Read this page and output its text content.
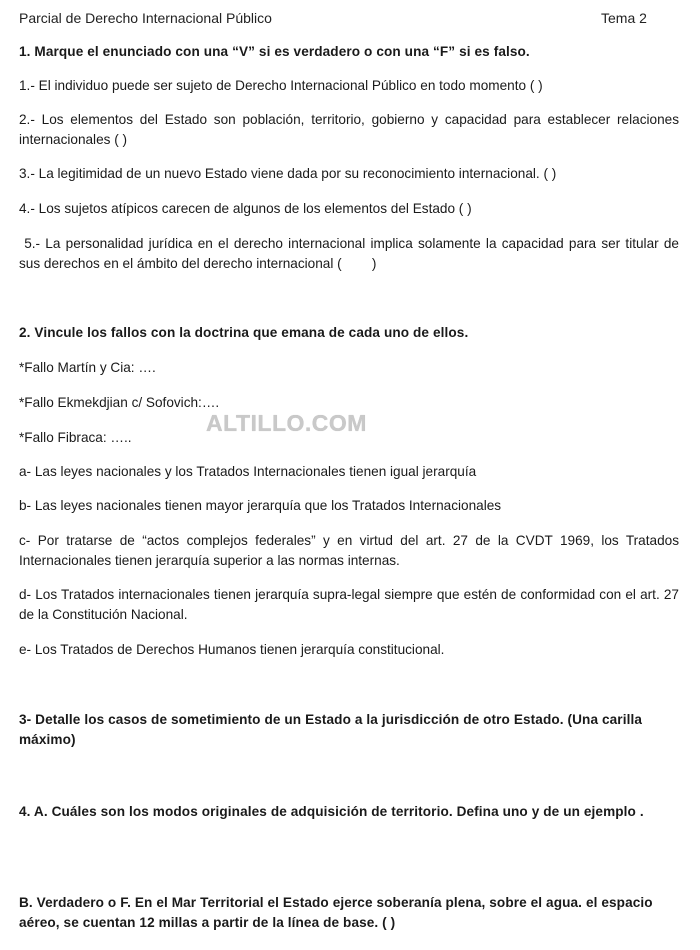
Parcial de Derecho Internacional Público	Tema 2
1. Marque el enunciado con una “V” si es verdadero o con una “F” si es falso.
1.- El individuo puede ser sujeto de Derecho Internacional Público en todo momento ( )
2.- Los elementos del Estado son población, territorio, gobierno y capacidad para establecer relaciones internacionales ( )
3.- La legitimidad de un nuevo Estado viene dada por su reconocimiento internacional. ( )
4.- Los sujetos atípicos carecen de algunos de los elementos del Estado ( )
5.- La personalidad jurídica en el derecho internacional implica solamente la capacidad para ser titular de sus derechos en el ámbito del derecho internacional (        )
2. Vincule los fallos con la doctrina que emana de cada uno de ellos.
*Fallo Martín y Cia: ….
*Fallo Ekmekdjian c/ Sofovich:….
*Fallo Fibraca: …..
ALTILLO.COM
a- Las leyes nacionales y los Tratados Internacionales tienen igual jerarquía
b- Las leyes nacionales tienen mayor jerarquía que los Tratados Internacionales
c- Por tratarse de “actos complejos federales” y en virtud del art. 27 de la CVDT 1969, los Tratados Internacionales tienen jerarquía superior a las normas internas.
d- Los Tratados internacionales tienen jerarquía supra-legal siempre que estén de conformidad con el art. 27 de la Constitución Nacional.
e- Los Tratados de Derechos Humanos tienen jerarquía constitucional.
3- Detalle los casos de sometimiento de un Estado a la jurisdicción de otro Estado. (Una carilla máximo)
4. A. Cuáles son los modos originales de adquisición de territorio. Defina uno y de un ejemplo .
B. Verdadero o F. En el Mar Territorial el Estado ejerce soberanía plena, sobre el agua. el espacio aéreo, se cuentan 12 millas a partir de la línea de base. ( )
